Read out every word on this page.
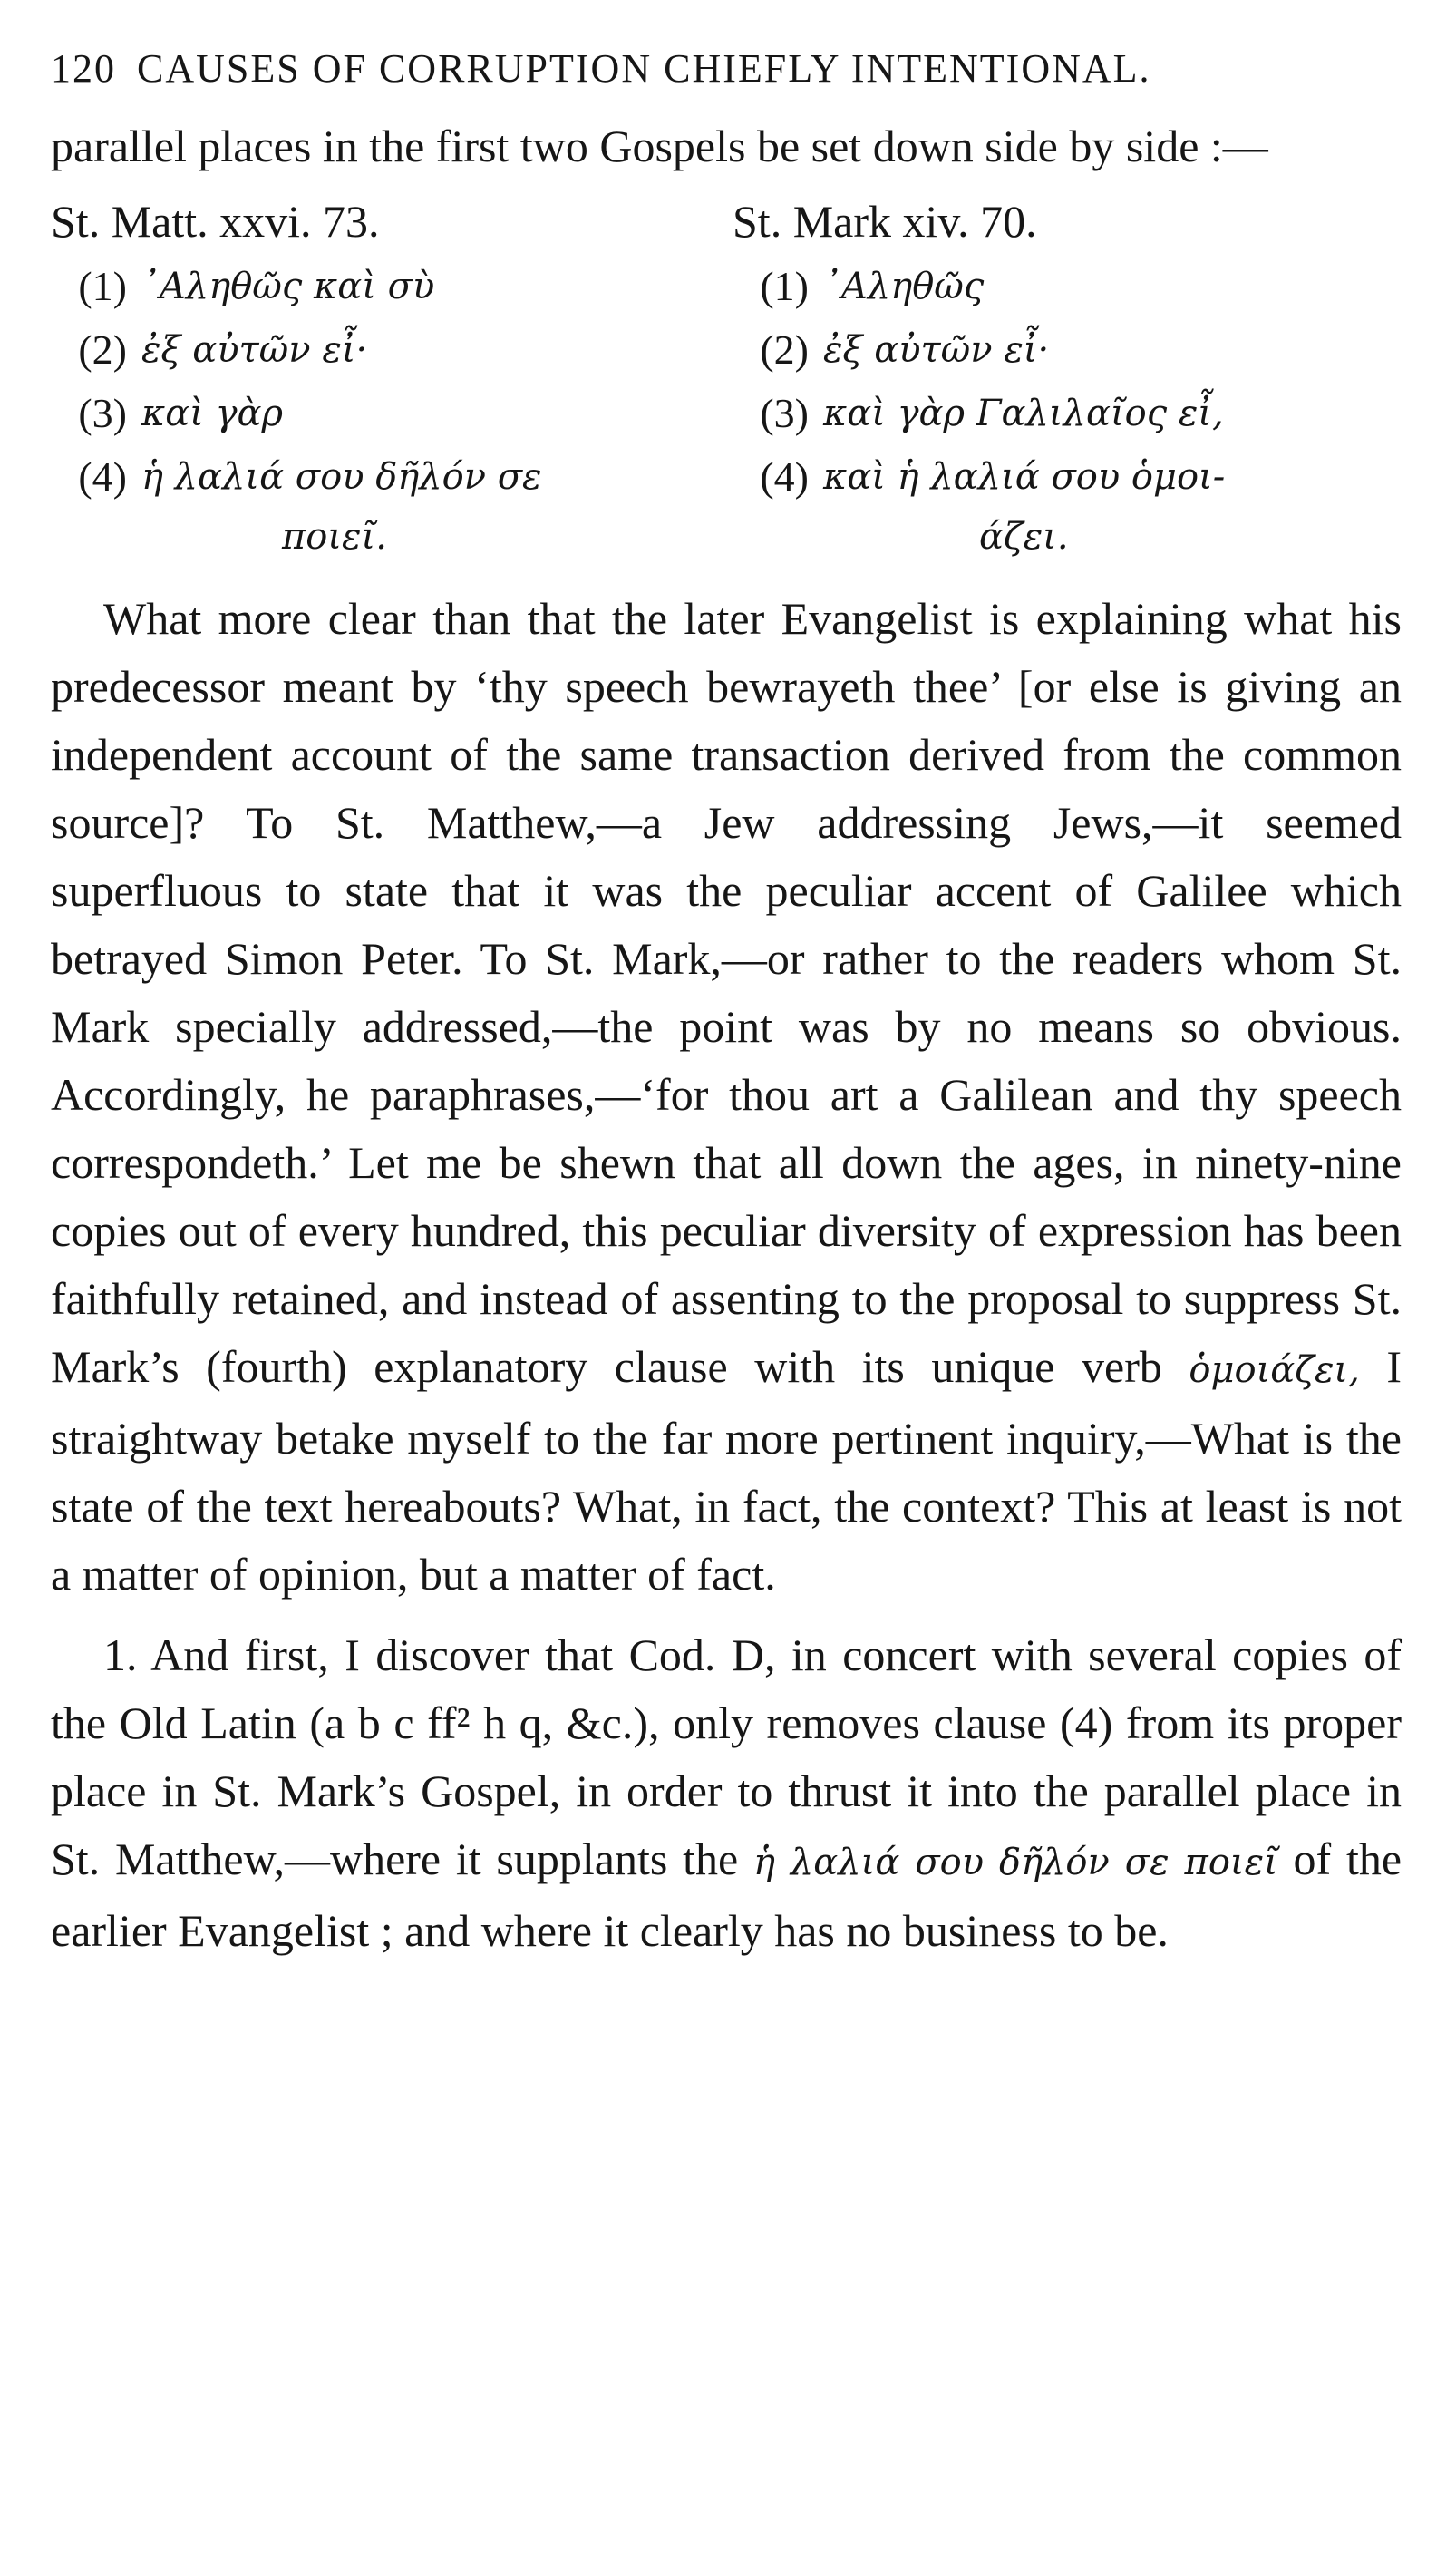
120 CAUSES OF CORRUPTION CHIEFLY INTENTIONAL.

parallel places in the first two Gospels be set down side by side :—

St. Matt. xxvi. 73.
(1) ᾿Αληθῶς καὶ σὺ
(2) ἐξ αὐτῶν εἶ·
(3) καὶ γὰρ
(4) ἡ λαλιά σου δῆλόν σε
ποιεῖ.
St. Mark xiv. 70.
(1) ᾿Αληθῶς
(2) ἐξ αὐτῶν εἶ·
(3) καὶ γὰρ Γαλιλαῖος εἶ,
(4) καὶ ἡ λαλιά σου ὁμοι-
άζει.

What more clear than that the later Evangelist is explaining what his predecessor meant by ‘thy speech bewrayeth thee’ [or else is giving an independent account of the same transaction derived from the common source]? To St. Matthew,—a Jew addressing Jews,—it seemed superfluous to state that it was the peculiar accent of Galilee which betrayed Simon Peter. To St. Mark,—or rather to the readers whom St. Mark specially addressed,—the point was by no means so obvious. Accordingly, he paraphrases,—‘for thou art a Galilean and thy speech correspondeth.’ Let me be shewn that all down the ages, in ninety-nine copies out of every hundred, this peculiar diversity of expression has been faithfully retained, and instead of assenting to the proposal to suppress St. Mark’s (fourth) explanatory clause with its unique verb ὁμοιάζει, I straightway betake myself to the far more pertinent inquiry,—What is the state of the text hereabouts? What, in fact, the context? This at least is not a matter of opinion, but a matter of fact.

1. And first, I discover that Cod. D, in concert with several copies of the Old Latin (a b c ff² h q, &c.), only removes clause (4) from its proper place in St. Mark’s Gospel, in order to thrust it into the parallel place in St. Matthew,—where it supplants the ἡ λαλιά σου δῆλόν σε ποιεῖ of the earlier Evangelist ; and where it clearly has no business to be.
